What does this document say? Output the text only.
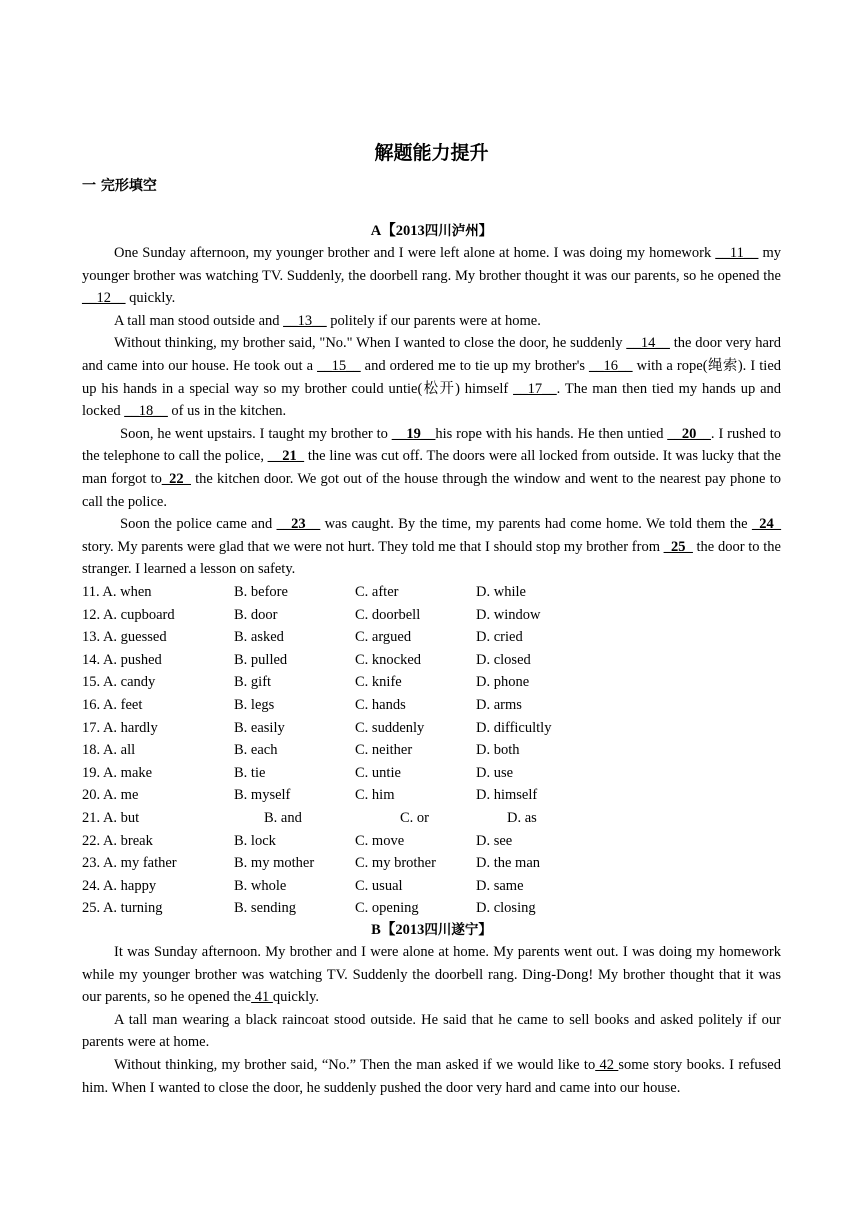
解题能力提升
一 完形填空
A【2013四川泸州】

One Sunday afternoon, my younger brother and I were left alone at home. I was doing my homework __11__ my younger brother was watching TV. Suddenly, the doorbell rang. My brother thought it was our parents, so he opened the __12__ quickly.

A tall man stood outside and __13__ politely if our parents were at home.

Without thinking, my brother said, "No." When I wanted to close the door, he suddenly __14__ the door very hard and came into our house. He took out a __15__ and ordered me to tie up my brother's __16__ with a rope(绳索). I tied up his hands in a special way so my brother could untie(松开) himself __17__. The man then tied my hands up and locked __18__ of us in the kitchen.

Soon, he went upstairs. I taught my brother to __19__his rope with his hands. He then untied __20__. I rushed to the telephone to call the police, __21_ the line was cut off. The doors were all locked from outside. It was lucky that the man forgot to_22_ the kitchen door. We got out of the house through the window and went to the nearest pay phone to call the police.

Soon the police came and __23__ was caught. By the time, my parents had come home. We told them the _24_ story. My parents were glad that we were not hurt. They told me that I should stop my brother from _25_ the door to the stranger. I learned a lesson on safety.

11. A. when	B. before	C. after	D. while
12. A. cupboard	B. door	C. doorbell	D. window
13. A. guessed	B. asked	C. argued	D. cried
14. A. pushed	B. pulled	C. knocked	D. closed
15. A. candy	B. gift	C. knife	D. phone
16. A. feet	B. legs	C. hands	D. arms
17. A. hardly	B. easily	C. suddenly	D. difficultly
18. A. all	B. each	C. neither	D. both
19. A. make	B. tie	C. untie	D. use
20. A. me	B. myself	C. him	D. himself
21. A. but	B. and	C. or	D. as
22. A. break	B. lock	C. move	D. see
23. A. my father	B. my mother	C. my brother	D. the man
24. A. happy	B. whole	C. usual	D. same
25. A. turning	B. sending	C. opening	D. closing
B【2013四川遂宁】

It was Sunday afternoon. My brother and I were alone at home. My parents went out. I was doing my homework while my younger brother was watching TV. Suddenly the doorbell rang. Ding-Dong! My brother thought that it was our parents, so he opened the 41 quickly.

A tall man wearing a black raincoat stood outside. He said that he came to sell books and asked politely if our parents were at home.

Without thinking, my brother said, “No.” Then the man asked if we would like to 42 some story books. I refused him. When I wanted to close the door, he suddenly pushed the door very hard and came into our house.
